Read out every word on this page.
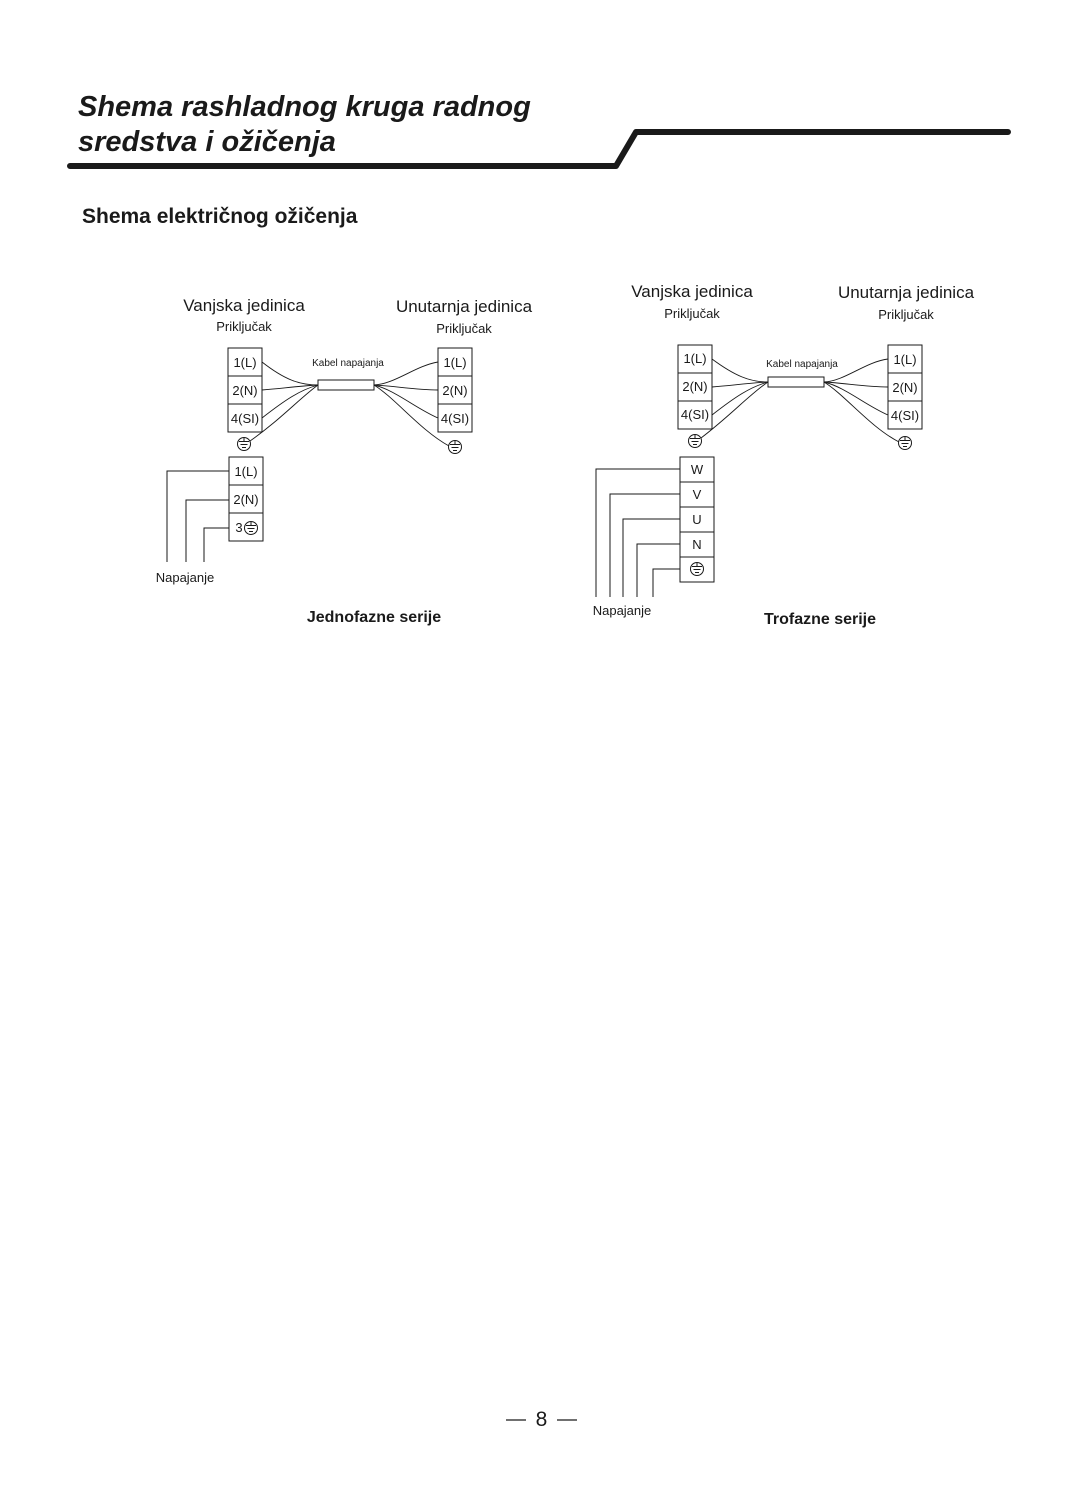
Shema rashladnog kruga radnog
sredstva i ožičenja
Shema električnog ožičenja
Vanjska jedinica
Priključak
Unutarnja jedinica
Priključak
1(L)
2(N)
4(SI)
1(L)
2(N)
4(SI)
Kabel napajanja
1(L)
2(N)
3
Napajanje
Jednofazne serije
Vanjska jedinica
Priključak
Unutarnja jedinica
Priključak
1(L)
2(N)
4(SI)
1(L)
2(N)
4(SI)
Kabel napajanja
W
V
U
N
Napajanje
Trofazne serije
8
